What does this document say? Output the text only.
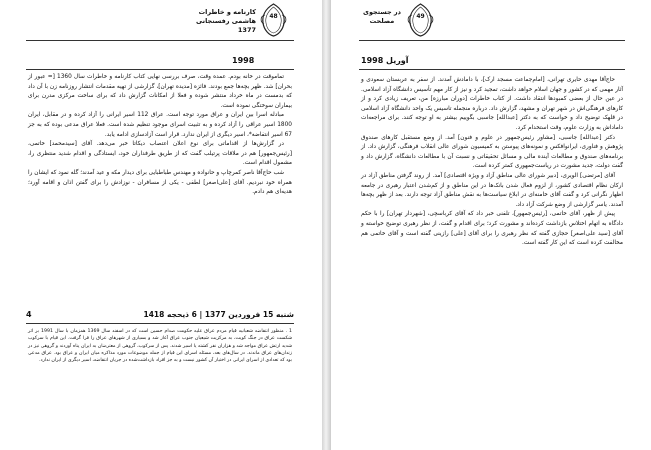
48
کارنامه و خاطرات
هاشمی رفسنجانی 1377
1998

تماموقت در خانه بودم. عمده وقت، صرف بررسی نهایی کتاب کارنامه و خاطرات سال 1360 [= عبور از بحران] شد. ظهر بچه‌ها جمع بودند. فائزه [مدیده تهران]، گزارشی از تهیه مقدمات انتشار روزنامه زن با آن داد که بدمست در ماه خرداد منتشر شوده و فعلا از امکانات گزارش داد که برای ساخت مرکزی مدرن برای بیماران سوختگی نموده است.

مبادله اسرا بین ایران و عراق مورد توجه است. عراق 112 اسیر ایرانی را آزاد کرده و در مقابل، ایران 1800 اسیر عراقی را آزاد کرده و به تثبیت اسرای موجود تنظیم شده است. فعلا عراق مدعی بوده که به جز 67 اسیر انتفاضه*، اسیر دیگری از ایران ندارد. قرار است آزادسازی ادامه یابد.

در گزارش‌ها از اقداماتی برای نوع اعلان اعتصاب دیکاتا خبر می‌دهد. آقای [سیدمحمد] خاتمی، [رئیس‌جمهور] هم در ملاقات پرتیلب گفت که از طریق طرفداران خود، ایستادگی و اقدام شدید منتظری را، مشمول اقدام است.

شب حاج‌آقا ناصر کمرچاپ و حانواده و مهندس طباطبایی برای دیدار مکه و عید آمدند؛ گله نمود که ایشان را همراه خود نبردیم. آقای [علی‌اصغر] لطفی - یکی از مسافران - نوزادش را برای گفتن اذان و اقامه آورد؛ هدیه‌ای هم دادم.

شنبه 15 فروردین 1377 | 6 ذیحجه 1418
4
1 . منظور انتفاضه شعبانیه قیام مردم عراق علیه حکومت صدام حسین است که در اسفند سال 1369 همزمان با سال 1991 بر اثر شکست عراق در جنگ کویت، به مرکزیت شیعیان جنوب عراق آغاز شد و بسیاری از شهرهای عراق را فرا گرفت. این قیام با سرکوب شدید ارتش عراق مواجه شد و هزاران نفر کشته یا اسیر شدند. پس از سرکوب، گروهی از معترضان به ایران پناه آوردند و گروهی نیز در زندان‌های عراق ماندند. در سال‌های بعد، مسئله اسرای این قیام از جمله موضوعات مورد مذاکره میان ایران و عراق بود. عراق مدعی بود که تعدادی از اسرای ایرانی در اختیار آن کشور نیست و به جز افراد بازداشت‌شده در جریان انتفاضه، اسیر دیگری از ایران ندارد.
49
در جستجوی مصلحت
آوریل 1998

حاج‌آقا مهدی حایری تهرانی، [امام‌جماعت مسجد ارک]، با دامادش آمدند. از سفر به عربستان سعودی و آثار مهمی که در کشور و جهان اسلام خواهد داشت، تمجید کرد و نیز از کار مهم تأسیس دانشگاه آزاد اسلامی. در عین حال از بعضی کمبودها انتقاد داشت. از کتاب خاطرات [دوران مبارزه] من، تعریف زیادی کرد و از کارهای فرهنگی‌اش در شهر تهران و مشهد، گزارش داد. درباره منجمله تاسیس یک واحد دانشگاه آزاد اسلامی در قلهک توضیح داد و خواست که به دکتر [عبدالله] جاسبی بگوییم بیشتر به او توجه کنند. برای مراجعه‌ات داماداش به وزارت علوم، وقت استخدام کرد.

دکتر [عبدالله] جاسبی، [مشاور رئیس‌جمهور در علوم و فنون] آمد. از وضع مستقبل کارهای صندوق پژوهش و فناوری، ایرانوافکس و نمونه‌های پیوستن به کمیسیون شورای عالی انقلاب فرهنگی، گزارش داد. از برنامه‌های صندوق و مطالعات آینده مالی و مسائل تحقیقاتی و نسبت آن با مطالعات دانشگاه، گزارش داد و گفت دولت، جدید مشورت در ریاست‌جمهوری کمتر کرده است.

آقای [مرتضی] الویری، [دبیر شورای عالی مناطق آزاد و ویژه اقتصادی] آمد. از روند گرفتن مناطق آزاد در ارکان نظام اقتصادی کشور، از لزوم فعال شدن بانک‌ها در این مناطق و از کم‌شدن اعتبار رهبری در جامعه اظهار نگرانی کرد و گفت آقای خامنه‌ای در ابلاغ سیاست‌ها به نقش مناطق آزاد توجه دارند. بعد از ظهر بچه‌ها آمدند. یاسر گزارشی از وضع شرکت آزاد داد.

پیش از ظهر، آقای خاتمی، [رئیس‌جمهور]، تلفنی خبر داد که آقای کرباسچی، [شهردار تهران] را با حکم دادگاه به اتهام اختلاس بازداشت کرده‌اند و مشورت کرد؛ برای اقدام و گفت، از نظر رهبری توضیح خواسته و آقای [سید علی‌اصغر] حجازی گفته که نظر رهبری را برای آقای [علی] رازینی گفته است و آقای خاتمی هم مخالفت کرده است که این کار گفته است.
